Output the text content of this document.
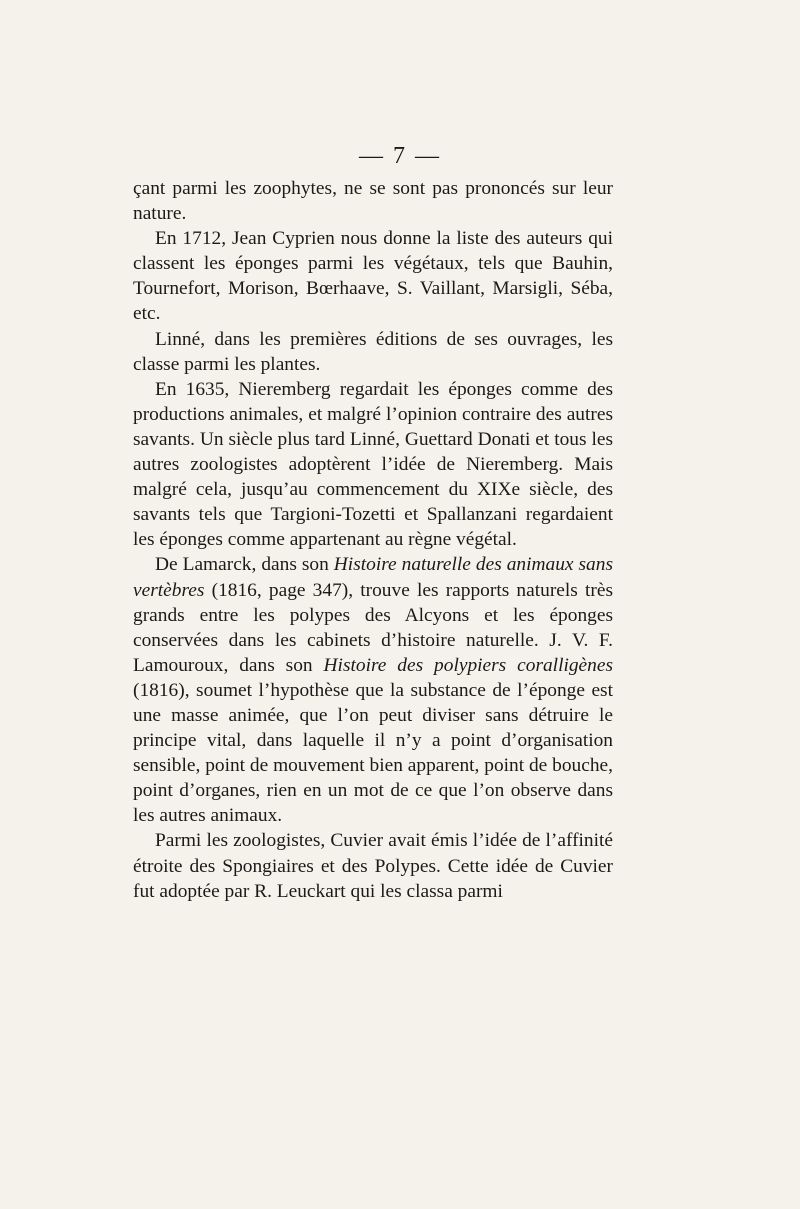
— 7 —

çant parmi les zoophytes, ne se sont pas prononcés sur leur nature.

En 1712, Jean Cyprien nous donne la liste des auteurs qui classent les éponges parmi les végétaux, tels que Bauhin, Tournefort, Morison, Bœrhaave, S. Vaillant, Marsigli, Séba, etc.

Linné, dans les premières éditions de ses ouvrages, les classe parmi les plantes.

En 1635, Nieremberg regardait les éponges comme des productions animales, et malgré l’opinion contraire des autres savants. Un siècle plus tard Linné, Guettard Donati et tous les autres zoologistes adoptèrent l’idée de Nieremberg. Mais malgré cela, jusqu’au commencement du XIXe siècle, des savants tels que Targioni-Tozetti et Spallanzani regardaient les éponges comme appartenant au règne végétal.

De Lamarck, dans son Histoire naturelle des animaux sans vertèbres (1816, page 347), trouve les rapports naturels très grands entre les polypes des Alcyons et les éponges conservées dans les cabinets d’histoire naturelle. J. V. F. Lamouroux, dans son Histoire des polypiers coralligènes (1816), soumet l’hypothèse que la substance de l’éponge est une masse animée, que l’on peut diviser sans détruire le principe vital, dans laquelle il n’y a point d’organisation sensible, point de mouvement bien apparent, point de bouche, point d’organes, rien en un mot de ce que l’on observe dans les autres animaux.

Parmi les zoologistes, Cuvier avait émis l’idée de l’affinité étroite des Spongiaires et des Polypes. Cette idée de Cuvier fut adoptée par R. Leuckart qui les classa parmi
